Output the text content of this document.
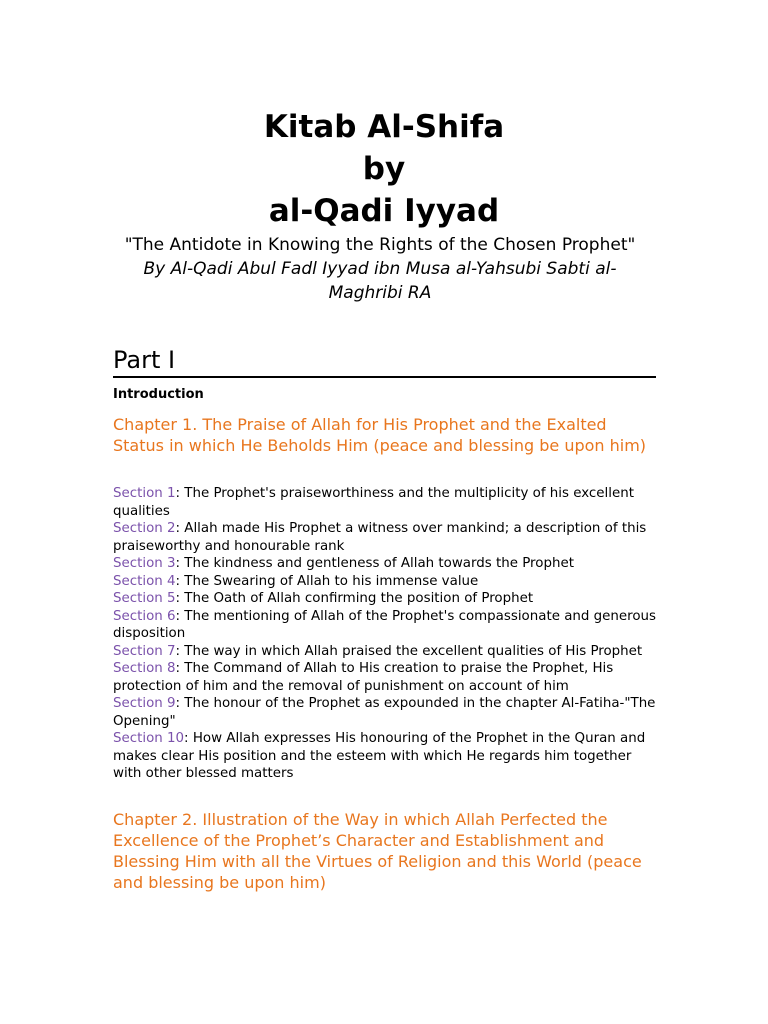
Kitab Al-Shifa
by
al-Qadi Iyyad
"The Antidote in Knowing the Rights of the Chosen Prophet"
By Al-Qadi Abul Fadl Iyyad ibn Musa al-Yahsubi Sabti al-Maghribi RA
Part I
Introduction
Chapter 1. The Praise of Allah for His Prophet and the Exalted Status in which He Beholds Him (peace and blessing be upon him)
Section 1: The Prophet's praiseworthiness and the multiplicity of his excellent qualities
Section 2: Allah made His Prophet a witness over mankind; a description of this praiseworthy and honourable rank
Section 3: The kindness and gentleness of Allah towards the Prophet
Section 4: The Swearing of Allah to his immense value
Section 5: The Oath of Allah confirming the position of Prophet
Section 6: The mentioning of Allah of the Prophet's compassionate and generous disposition
Section 7: The way in which Allah praised the excellent qualities of His Prophet
Section 8: The Command of Allah to His creation to praise the Prophet, His protection of him and the removal of punishment on account of him
Section 9: The honour of the Prophet as expounded in the chapter Al-Fatiha-"The Opening"
Section 10: How Allah expresses His honouring of the Prophet in the Quran and makes clear His position and the esteem with which He regards him together with other blessed matters
Chapter 2. Illustration of the Way in which Allah Perfected the Excellence of the Prophet’s Character and Establishment and Blessing Him with all the Virtues of Religion and this World (peace and blessing be upon him)
